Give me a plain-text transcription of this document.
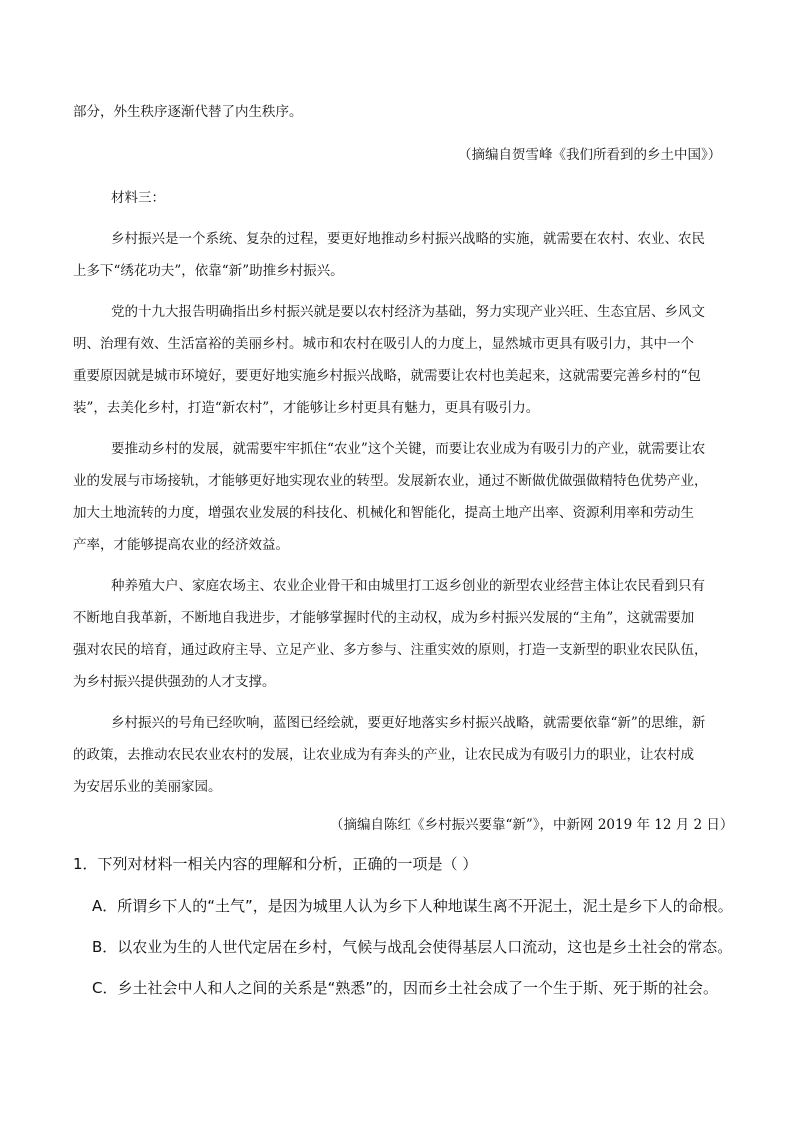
部分，外生秩序逐渐代替了内生秩序。
（摘编自贺雪峰《我们所看到的乡土中国》）
材料三：
乡村振兴是一个系统、复杂的过程，要更好地推动乡村振兴战略的实施，就需要在农村、农业、农民
上多下“绣花功夫”，依靠“新”助推乡村振兴。
党的十九大报告明确指出乡村振兴就是要以农村经济为基础，努力实现产业兴旺、生态宜居、乡风文
明、治理有效、生活富裕的美丽乡村。城市和农村在吸引人的力度上，显然城市更具有吸引力，其中一个
重要原因就是城市环境好，要更好地实施乡村振兴战略，就需要让农村也美起来，这就需要完善乡村的“包
装”，去美化乡村，打造“新农村”，才能够让乡村更具有魅力，更具有吸引力。
要推动乡村的发展，就需要牢牢抓住“农业”这个关键，而要让农业成为有吸引力的产业，就需要让农
业的发展与市场接轨，才能够更好地实现农业的转型。发展新农业，通过不断做优做强做精特色优势产业，
加大土地流转的力度，增强农业发展的科技化、机械化和智能化，提高土地产出率、资源利用率和劳动生
产率，才能够提高农业的经济效益。
种养殖大户、家庭农场主、农业企业骨干和由城里打工返乡创业的新型农业经营主体让农民看到只有
不断地自我革新，不断地自我进步，才能够掌握时代的主动权，成为乡村振兴发展的“主角”，这就需要加
强对农民的培育，通过政府主导、立足产业、多方参与、注重实效的原则，打造一支新型的职业农民队伍，
为乡村振兴提供强劲的人才支撑。
乡村振兴的号角已经吹响，蓝图已经绘就，要更好地落实乡村振兴战略，就需要依靠“新”的思维，新
的政策，去推动农民农业农村的发展，让农业成为有奔头的产业，让农民成为有吸引力的职业，让农村成
为安居乐业的美丽家园。
（摘编自陈红《乡村振兴要靠“新”》，中新网 2019 年 12 月 2 日）
1．下列对材料一相关内容的理解和分析，正确的一项是（ ）
A．所谓乡下人的“土气”，是因为城里人认为乡下人种地谋生离不开泥土，泥土是乡下人的命根。
B．以农业为生的人世代定居在乡村，气候与战乱会使得基层人口流动，这也是乡土社会的常态。
C．乡土社会中人和人之间的关系是“熟悉”的，因而乡土社会成了一个生于斯、死于斯的社会。
